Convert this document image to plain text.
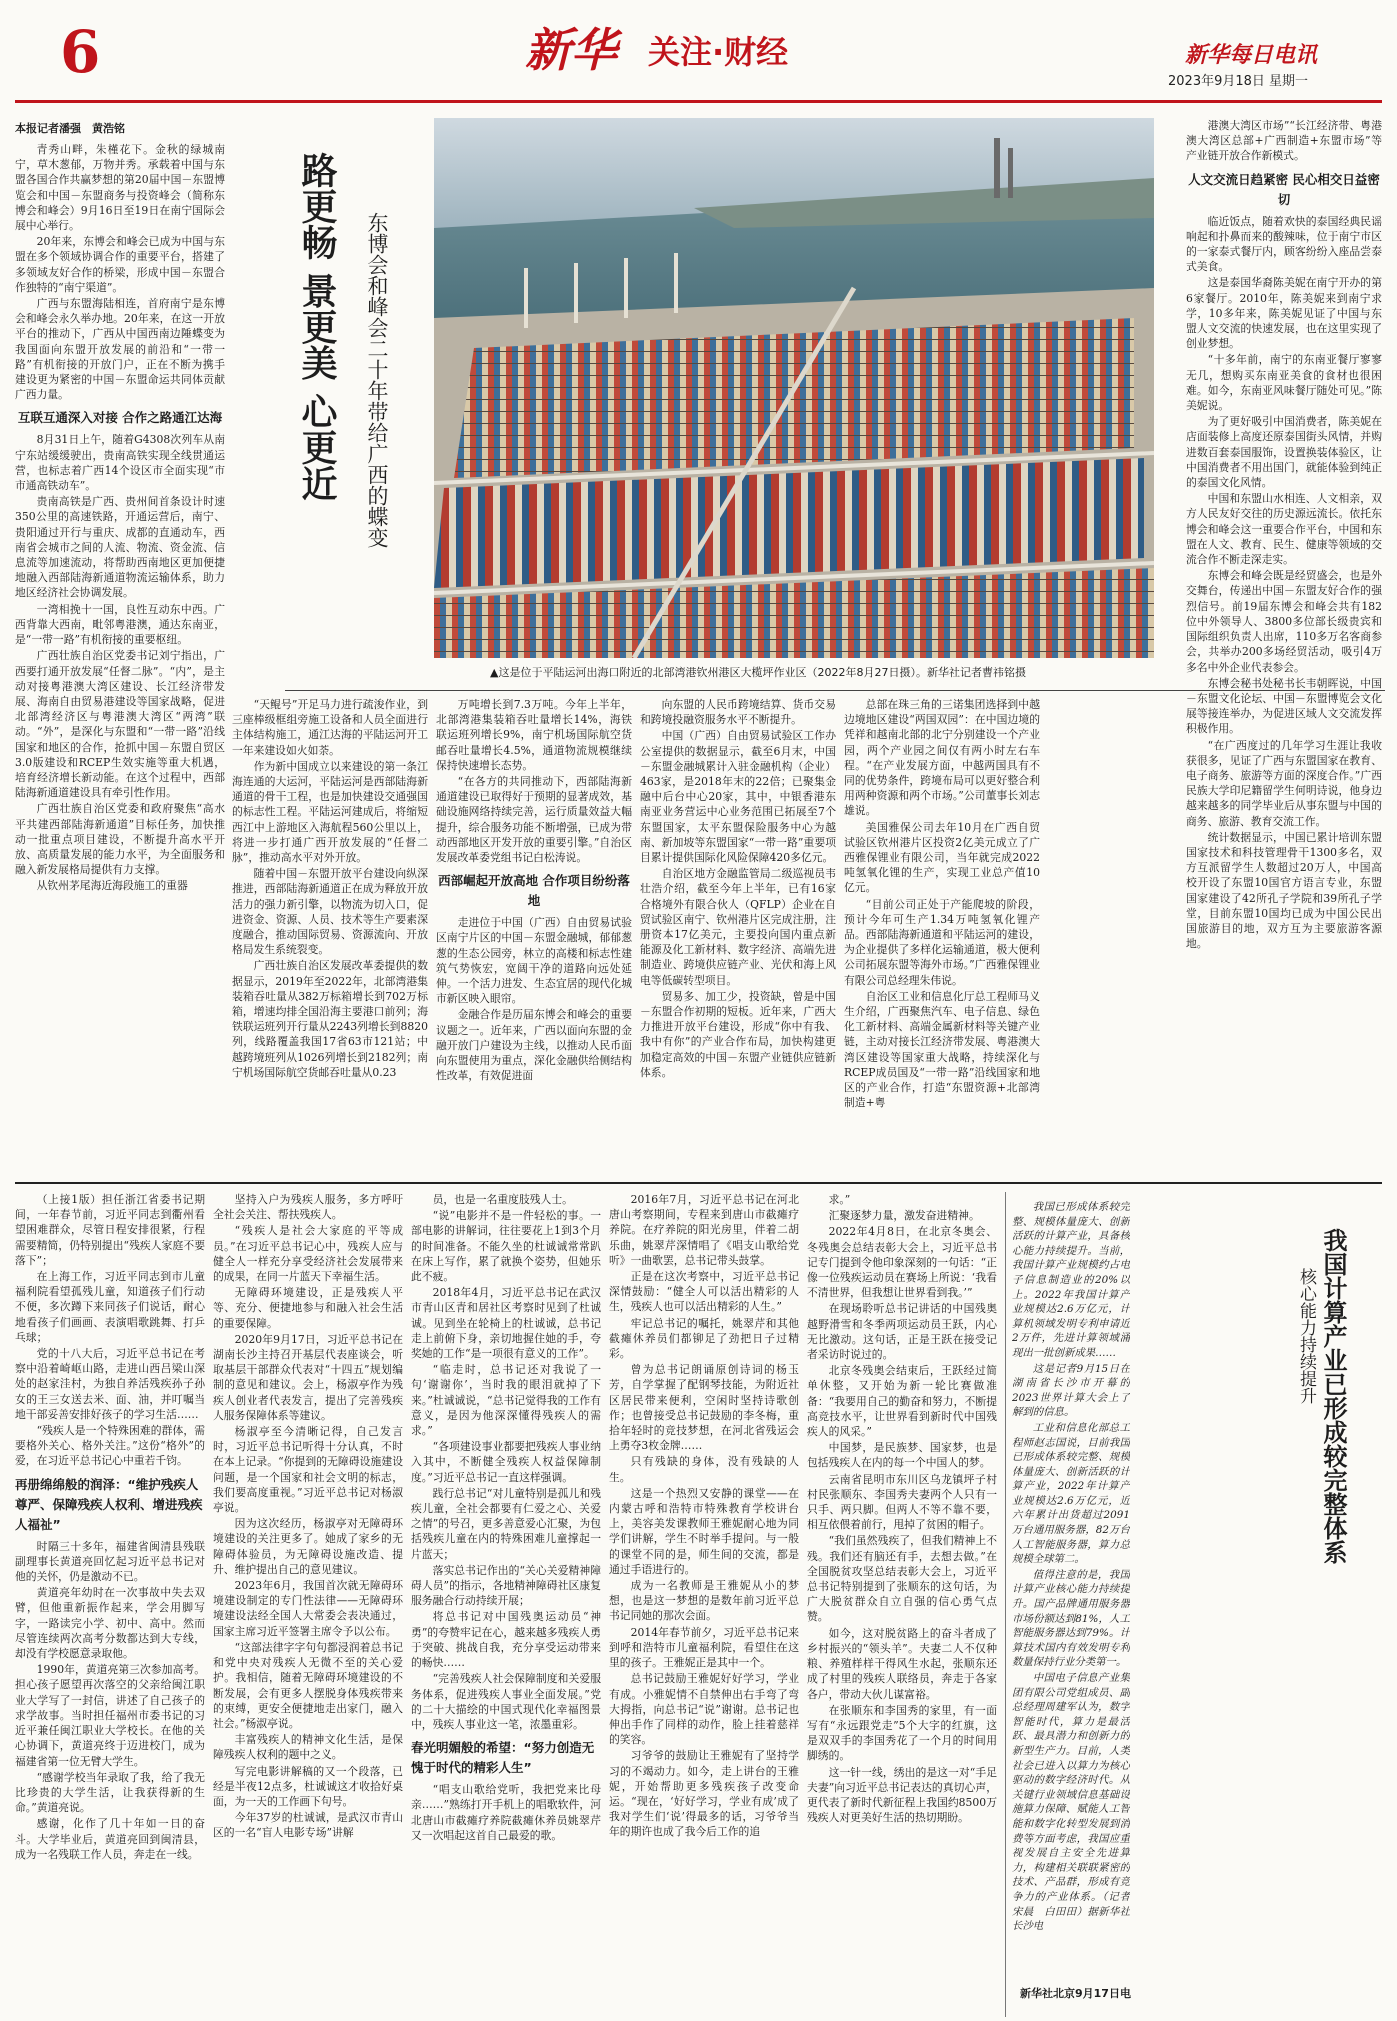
6	新华 关注·财经	新华每日电讯
2023年9月18日 星期一
本报记者潘强　黄浩铭

青秀山畔，朱槿花下。金秋的绿城南宁，草木葱郁，万物并秀。承载着中国与东盟各国合作共赢梦想的第20届中国－东盟博览会和中国－东盟商务与投资峰会（简称东博会和峰会）9月16日至19日在南宁国际会展中心举行。

20年来，东博会和峰会已成为中国与东盟在多个领域协调合作的重要平台，搭建了多领域友好合作的桥梁，形成中国－东盟合作独特的“南宁渠道”。

广西与东盟海陆相连，首府南宁是东博会和峰会永久举办地。20年来，在这一开放平台的推动下，广西从中国西南边陲蝶变为我国面向东盟开放发展的前沿和“一带一路”有机衔接的开放门户，正在不断为携手建设更为紧密的中国－东盟命运共同体贡献广西力量。

互联互通深入对接 合作之路通江达海

8月31日上午，随着G4308次列车从南宁东站缓缓驶出，贵南高铁实现全线贯通运营，也标志着广西14个设区市全面实现“市市通高铁动车”。

贵南高铁是广西、贵州间首条设计时速350公里的高速铁路，开通运营后，南宁、贵阳通过开行与重庆、成都的直通动车，西南省会城市之间的人流、物流、资金流、信息流等加速流动，将帮助西南地区更加便捷地融入西部陆海新通道物流运输体系，助力地区经济社会协调发展。

一湾相挽十一国，良性互动东中西。广西背靠大西南，毗邻粤港澳，通达东南亚，是“一带一路”有机衔接的重要枢纽。

广西壮族自治区党委书记刘宁指出，广西要打通开放发展“任督二脉”。“内”，是主动对接粤港澳大湾区建设、长江经济带发展、海南自由贸易港建设等国家战略，促进北部湾经济区与粤港澳大湾区“两湾”联动。“外”，是深化与东盟和“一带一路”沿线国家和地区的合作，抢抓中国－东盟自贸区3.0版建设和RCEP生效实施等重大机遇，培育经济增长新动能。在这个过程中，西部陆海新通道建设具有牵引性作用。

广西壮族自治区党委和政府聚焦“高水平共建西部陆海新通道”目标任务，加快推动一批重点项目建设，不断提升高水平开放、高质量发展的能力水平，为全面服务和融入新发展格局提供有力支撑。

从钦州茅尾海近海段施工的重器

路更畅 景更美 心更近 东博会和峰会二十年带给广西的蝶变
▲这是位于平陆运河出海口附近的北部湾港钦州港区大榄坪作业区（2022年8月27日摄）。新华社记者曹祎铭摄

“天鲲号”开足马力进行疏浚作业，到三座棒级框组旁施工设备和人员全面进行主体结构施工，通江达海的平陆运河开工一年来建设如火如荼。

作为新中国成立以来建设的第一条江海连通的大运河，平陆运河是西部陆海新通道的骨干工程，也是加快建设交通强国的标志性工程。平陆运河建成后，将缩短西江中上游地区入海航程560公里以上，将进一步打通广西开放发展的“任督二脉”，推动高水平对外开放。

随着中国－东盟开放平台建设向纵深推进，西部陆海新通道正在成为释放开放活力的强力新引擎，以物流为切入口，促进资金、资源、人员、技术等生产要素深度融合，推动国际贸易、资源流向、开放格局发生系统裂变。

广西壮族自治区发展改革委提供的数据显示，2019年至2022年，北部湾港集装箱吞吐量从382万标箱增长到702万标箱，增速均排全国沿海主要港口前列；海铁联运班列开行量从2243列增长到8820列，线路覆盖我国17省63市121站；中越跨境班列从1026列增长到2182列；南宁机场国际航空货邮吞吐量从0.23

万吨增长到7.3万吨。今年上半年，北部湾港集装箱吞吐量增长14%，海铁联运班列增长9%，南宁机场国际航空货邮吞吐量增长4.5%，通道物流规模继续保持快速增长态势。

“在各方的共同推动下，西部陆海新通道建设已取得好于预期的显著成效，基础设施网络持续完善，运行质量效益大幅提升，综合服务功能不断增强，已成为带动西部地区开发开放的重要引擎。”自治区发展改革委党组书记白松涛说。

西部崛起开放高地 合作项目纷纷落地

走进位于中国（广西）自由贸易试验区南宁片区的中国－东盟金融城，郁郁葱葱的生态公园旁，林立的高楼和标志性建筑气势恢宏，宽阔干净的道路向远处延伸。一个活力进发、生态宜居的现代化城市新区映入眼帘。

金融合作是历届东博会和峰会的重要议题之一。近年来，广西以面向东盟的金融开放门户建设为主线，以推动人民币面向东盟使用为重点，深化金融供给侧结构性改革，有效促进面

向东盟的人民币跨境结算、货币交易和跨境投融资服务水平不断提升。

中国（广西）自由贸易试验区工作办公室提供的数据显示，截至6月末，中国－东盟金融城累计入驻金融机构（企业）463家，是2018年末的22倍；已聚集金融中后台中心20家，其中，中银香港东南亚业务营运中心业务范围已拓展至7个东盟国家，太平东盟保险服务中心为越南、新加坡等东盟国家“一带一路”重要项目累计提供国际化风险保障420多亿元。

自治区地方金融监管局二级巡视员韦壮浩介绍，截至今年上半年，已有16家合格境外有限合伙人（QFLP）企业在自贸试验区南宁、钦州港片区完成注册，注册资本17亿美元，主要投向国内重点新能源及化工新材料、数字经济、高端先进制造业、跨境供应链产业、光伏和海上风电等低碳转型项目。

贸易多、加工少，投资缺，曾是中国－东盟合作初期的短板。近年来，广西大力推进开放平台建设，形成“你中有我、我中有你”的产业合作布局，加快构建更加稳定高效的中国－东盟产业链供应链新体系。

总部在珠三角的三诺集团选择到中越边境地区建设“两国双园”：在中国边境的凭祥和越南北部的北宁分别建设一个产业园，两个产业园之间仅有两小时左右车程。“在产业发展方面，中越两国具有不同的优势条件，跨境布局可以更好整合利用两种资源和两个市场。”公司董事长刘志雄说。

美国雅保公司去年10月在广西自贸试验区钦州港片区投资2亿美元成立了广西雅保锂业有限公司，当年就完成2022吨氢氧化锂的生产，实现工业总产值10亿元。

“目前公司正处于产能爬坡的阶段，预计今年可生产1.34万吨氢氧化锂产品。西部陆海新通道和平陆运河的建设，为企业提供了多样化运输通道，极大便利公司拓展东盟等海外市场。”广西雅保锂业有限公司总经理朱伟说。

自治区工业和信息化厅总工程师马义生介绍，广西聚焦汽车、电子信息、绿色化工新材料、高端金属新材料等关键产业链，主动对接长江经济带发展、粤港澳大湾区建设等国家重大战略，持续深化与RCEP成员国及“一带一路”沿线国家和地区的产业合作，打造“东盟资源+北部湾制造+粤

港澳大湾区市场”“长江经济带、粤港澳大湾区总部+广西制造+东盟市场”等产业链开放合作新模式。

人文交流日趋紧密 民心相交日益密切

临近饭点，随着欢快的泰国经典民谣响起和扑鼻而来的酸辣味，位于南宁市区的一家泰式餐厅内，顾客纷纷入座品尝泰式美食。

这是泰国华裔陈美妮在南宁开办的第6家餐厅。2010年，陈美妮来到南宁求学，10多年来，陈美妮见证了中国与东盟人文交流的快速发展，也在这里实现了创业梦想。

“十多年前，南宁的东南亚餐厅寥寥无几，想购买东南亚美食的食材也很困难。如今，东南亚风味餐厅随处可见。”陈美妮说。

为了更好吸引中国消费者，陈美妮在店面装修上高度还原泰国街头风情，并购进数百套泰国服饰，设置换装体验区，让中国消费者不用出国门，就能体验到纯正的泰国文化风情。

中国和东盟山水相连、人文相亲，双方人民友好交往的历史源远流长。依托东博会和峰会这一重要合作平台，中国和东盟在人文、教育、民生、健康等领域的交流合作不断走深走实。

东博会和峰会既是经贸盛会，也是外交舞台，传递出中国－东盟友好合作的强烈信号。前19届东博会和峰会共有182位中外领导人、3800多位部长级贵宾和国际组织负责人出席，110多万名客商参会，共举办200多场经贸活动，吸引4万多名中外企业代表参会。

东博会秘书处秘书长韦朝晖说，中国－东盟文化论坛、中国－东盟博览会文化展等接连举办，为促进区域人文交流发挥积极作用。

“在广西度过的几年学习生涯让我收获很多，见证了广西与东盟国家在教育、电子商务、旅游等方面的深度合作。”广西民族大学印尼籍留学生何明诗说，他身边越来越多的同学毕业后从事东盟与中国的商务、旅游、教育交流工作。

统计数据显示，中国已累计培训东盟国家技术和科技管理骨干1300多名，双方互派留学生人数超过20万人，中国高校开设了东盟10国官方语言专业，东盟国家建设了42所孔子学院和39所孔子学堂，目前东盟10国均已成为中国公民出国旅游目的地，双方互为主要旅游客源地。

（上接1版）担任浙江省委书记期间，一年春节前，习近平同志到衢州看望困难群众，尽管日程安排很紧，行程需要精简，仍特别提出“残疾人家庭不要落下”；

在上海工作，习近平同志到市儿童福利院看望孤残儿童，知道孩子们行动不便，多次蹲下来同孩子们说话，耐心地看孩子们画画、表演唱歌跳舞、打乒乓球；

党的十八大后，习近平总书记在考察中沿着崎岖山路，走进山西吕梁山深处的赵家洼村，为独自养活残疾孙子孙女的王三女送去米、面、油，并叮嘱当地干部妥善安排好孩子的学习生活……

“残疾人是一个特殊困难的群体，需要格外关心、格外关注。”这份“格外”的爱，在习近平总书记心中重若千钧。

再册绵绵般的润泽：“维护残疾人尊严、保障残疾人权利、增进残疾人福祉”

时隔三十多年，福建省闽清县残联副理事长黄道亮回忆起习近平总书记对他的关怀，仍是激动不已。

黄道亮年幼时在一次事故中失去双臂，但他重新振作起来，学会用脚写字，一路读完小学、初中、高中。然而尽管连续两次高考分数都达到大专线，却没有学校愿意录取他。

1990年，黄道亮第三次参加高考。担心孩子愿望再次落空的父亲给闽江职业大学写了一封信，讲述了自己孩子的求学故事。当时担任福州市委书记的习近平兼任闽江职业大学校长。在他的关心协调下，黄道亮终于迈进校门，成为福建省第一位无臂大学生。

“感谢学校当年录取了我，给了我无比珍贵的大学生活，让我获得新的生命。”黄道亮说。

感谢，化作了几十年如一日的奋斗。大学毕业后，黄道亮回到闽清县，成为一名残联工作人员，奔走在一线。

坚持入户为残疾人服务，多方呼吁全社会关注、帮扶残疾人。

“残疾人是社会大家庭的平等成员。”在习近平总书记心中，残疾人应与健全人一样充分享受经济社会发展带来的成果，在同一片蓝天下幸福生活。

无障碍环境建设，正是残疾人平等、充分、便捷地参与和融入社会生活的重要保障。

2020年9月17日，习近平总书记在湖南长沙主持召开基层代表座谈会，听取基层干部群众代表对“十四五”规划编制的意见和建议。会上，杨淑亭作为残疾人创业者代表发言，提出了完善残疾人服务保障体系等建议。

杨淑亭至今清晰记得，自己发言时，习近平总书记听得十分认真，不时在本上记录。“你提到的无障碍设施建设问题，是一个国家和社会文明的标志，我们要高度重视。”习近平总书记对杨淑亭说。

因为这次经历，杨淑亭对无障碍环境建设的关注更多了。她成了家乡的无障碍体验员，为无障碍设施改造、提升、维护提出自己的意见建议。

2023年6月，我国首次就无障碍环境建设制定的专门性法律——无障碍环境建设法经全国人大常委会表决通过，国家主席习近平签署主席令予以公布。

“这部法律字字句句都浸润着总书记和党中央对残疾人无微不至的关心爱护。我相信，随着无障碍环境建设的不断发展，会有更多人摆脱身体残疾带来的束缚，更安全便捷地走出家门，融入社会。”杨淑亭说。

丰富残疾人的精神文化生活，是保障残疾人权利的题中之义。

写完电影讲解稿的又一个段落，已经是半夜12点多，杜诚诚这才收拾好桌面，为一天的工作画下句号。

今年37岁的杜诚诚，是武汉市青山区的一名“盲人电影专场”讲解

员，也是一名重度肢残人士。

“说”电影并不是一件轻松的事。一部电影的讲解词，往往要花上1到3个月的时间准备。不能久坐的杜诚诚常常趴在床上写作，累了就换个姿势，但她乐此不疲。

2018年4月，习近平总书记在武汉市青山区青和居社区考察时见到了杜诚诚。见到坐在轮椅上的杜诚诚，总书记走上前俯下身，亲切地握住她的手，夸奖她的工作“是一项很有意义的工作”。

“临走时，总书记还对我说了一句‘谢谢你’，当时我的眼泪就掉了下来。”杜诚诚说，“总书记觉得我的工作有意义，是因为他深深懂得残疾人的需求。”

“各项建设事业都要把残疾人事业纳入其中，不断健全残疾人权益保障制度。”习近平总书记一直这样强调。

践行总书记“对儿童特别是孤儿和残疾儿童，全社会都要有仁爱之心、关爱之情”的号召，更多善意爱心汇聚，为包括残疾儿童在内的特殊困难儿童撑起一片蓝天；

落实总书记作出的“关心关爱精神障碍人员”的指示，各地精神障碍社区康复服务融合行动持续开展；

将总书记对中国残奥运动员“神勇”的夸赞牢记在心，越来越多残疾人勇于突破、挑战自我，充分享受运动带来的畅快……

“完善残疾人社会保障制度和关爱服务体系，促进残疾人事业全面发展。”党的二十大描绘的中国式现代化幸福图景中，残疾人事业这一笔，浓墨重彩。

春光明媚般的希望：“努力创造无愧于时代的精彩人生”

“唱支山歌给党听，我把党来比母亲……”熟练打开手机上的唱歌软件，河北唐山市截瘫疗养院截瘫休养员姚翠芹又一次唱起这首自己最爱的歌。

2016年7月，习近平总书记在河北唐山考察期间，专程来到唐山市截瘫疗养院。在疗养院的阳光房里，伴着二胡乐曲，姚翠芹深情唱了《唱支山歌给党听》一曲歌罢，总书记带头鼓掌。

正是在这次考察中，习近平总书记深情鼓励：“健全人可以活出精彩的人生，残疾人也可以活出精彩的人生。”

牢记总书记的嘱托，姚翠芹和其他截瘫休养员们都铆足了劲把日子过精彩。

曾为总书记朗诵原创诗词的杨玉芳，自学掌握了配钢琴技能，为附近社区居民带来便利，空闲时坚持诗歌创作；也曾接受总书记鼓励的李冬梅，重拾年轻时的竞技梦想，在河北省残运会上勇夺3枚金牌……

只有残缺的身体，没有残缺的人生。

这是一个热烈又安静的课堂——在内蒙古呼和浩特市特殊教育学校讲台上，美容美发课教师王雅妮耐心地为同学们讲解，学生不时举手提问。与一般的课堂不同的是，师生间的交流，都是通过手语进行的。

成为一名教师是王雅妮从小的梦想，也是这一梦想的是数年前习近平总书记同她的那次会面。

2014年春节前夕，习近平总书记来到呼和浩特市儿童福利院，看望住在这里的孩子。王雅妮正是其中一个。

总书记鼓励王雅妮好好学习，学业有成。小雅妮情不自禁伸出右手弯了弯大拇指，向总书记“说”谢谢。总书记也伸出手作了同样的动作，脸上挂着慈祥的笑容。

习爷爷的鼓励让王雅妮有了坚持学习的不竭动力。如今，走上讲台的王雅妮，开始帮助更多残疾孩子改变命运。“现在，‘好好学习，学业有成’成了我对学生们‘说’得最多的话，习爷爷当年的期许也成了我今后工作的追

求。”

汇聚逐梦力量，激发奋进精神。

2022年4月8日，在北京冬奥会、冬残奥会总结表彰大会上，习近平总书记专门提到令他印象深刻的一句话：“正像一位残疾运动员在赛场上所说：‘我看不清世界，但我想让世界看到我。’”

在现场聆听总书记讲话的中国残奥越野滑雪和冬季两项运动员王跃，内心无比激动。这句话，正是王跃在接受记者采访时说过的。

北京冬残奥会结束后，王跃经过简单休整，又开始为新一轮比赛做准备：“我要用自己的勤奋和努力，不断提高竞技水平，让世界看到新时代中国残疾人的风采。”

中国梦，是民族梦、国家梦，也是包括残疾人在内的每一个中国人的梦。

云南省昆明市东川区乌龙镇坪子村村民张顺东、李国秀夫妻两个人只有一只手、两只脚。但两人不等不靠不要，相互依偎着前行，甩掉了贫困的帽子。

“我们虽然残疾了，但我们精神上不残。我们还有脑还有手，去想去做。”在全国脱贫攻坚总结表彰大会上，习近平总书记特别提到了张顺东的这句话，为广大脱贫群众自立自强的信心勇气点赞。

如今，这对脱贫路上的奋斗者成了乡村振兴的“领头羊”。夫妻二人不仅种粮、养殖样样干得风生水起，张顺东还成了村里的残疾人联络员，奔走于各家各户，带动大伙儿谋富裕。

在张顺东和李国秀的家里，有一面写有“永远跟党走”5个大字的红旗，这是双双手的李国秀花了一个月的时间用脚绣的。

这一针一线，绣出的是这一对“手足夫妻”向习近平总书记表达的真切心声，更代表了新时代新征程上我国约8500万残疾人对更美好生活的热切期盼。

新华社北京9月17日电

我国已形成体系较完整、规模体量庞大、创新活跃的计算产业，具备核心能力持续提升。当前，我国计算产业规模约占电子信息制造业的20%以上。2022年我国计算产业规模达2.6万亿元，计算机领域发明专利申请近2万件，先进计算领域涌现出一批创新成果……

这是记者9月15日在湖南省长沙市开幕的2023世界计算大会上了解到的信息。

工业和信息化部总工程师赵志国说，目前我国已形成体系较完整、规模体量庞大、创新活跃的计算产业，2022年计算产业规模达2.6万亿元，近六年累计出货超过2091万台通用服务器，82万台人工智能服务器，算力总规模全球第二。

值得注意的是，我国计算产业核心能力持续提升。国产品牌通用服务器市场份额达到81%，人工智能服务器达到79%。计算技术国内有效发明专利数量保持行业分类第一。

中国电子信息产业集团有限公司党组成员、副总经理周建军认为，数字智能时代，算力是最活跃、最具潜力和创新力的新型生产力。目前，人类社会已进入以算力为核心驱动的数字经济时代。从关键行业领域信息基础设施算力保障、赋能人工智能和数字化转型发展到消费等方面考虑，我国应重视发展自主安全先进算力，构建相关联联紧密的技术、产品群，形成有竞争力的产业体系。（记者宋晨　白田田）据新华社长沙电

我国计算产业已形成较完整体系
核心能力持续提升
